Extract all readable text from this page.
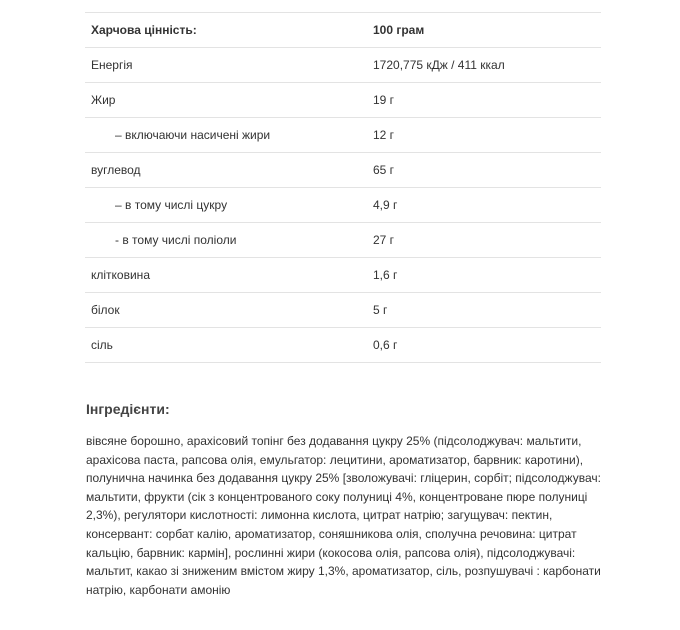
Харчова цінність:	100 грам
Енергія	1720,775 кДж / 411 ккал
Жир	19 г
– включаючи насичені жири	12 г
вуглевод	65 г
– в тому числі цукру	4,9 г
- в тому числі поліоли	27 г
клітковина	1,6 г
білок	5 г
сіль	0,6 г
Інгредієнти:

вівсяне борошно, арахісовий топінг без додавання цукру 25% (підсолоджувач: мальтити, арахісова паста, рапсова олія, емульгатор: лецитини, ароматизатор, барвник: каротини), полунична начинка без додавання цукру 25% [зволожувачі: гліцерин, сорбіт; підсолоджувач: мальтити, фрукти (сік з концентрованого соку полуниці 4%, концентроване пюре полуниці 2,3%), регулятори кислотності: лимонна кислота, цитрат натрію; загущувач: пектин, консервант: сорбат калію, ароматизатор, соняшникова олія, сполучна речовина: цитрат кальцію, барвник: кармін], рослинні жири (кокосова олія, рапсова олія), підсолоджувачі: мальтит, какао зі зниженим вмістом жиру 1,3%, ароматизатор, сіль, розпушувачі : карбонати натрію, карбонати амонію
